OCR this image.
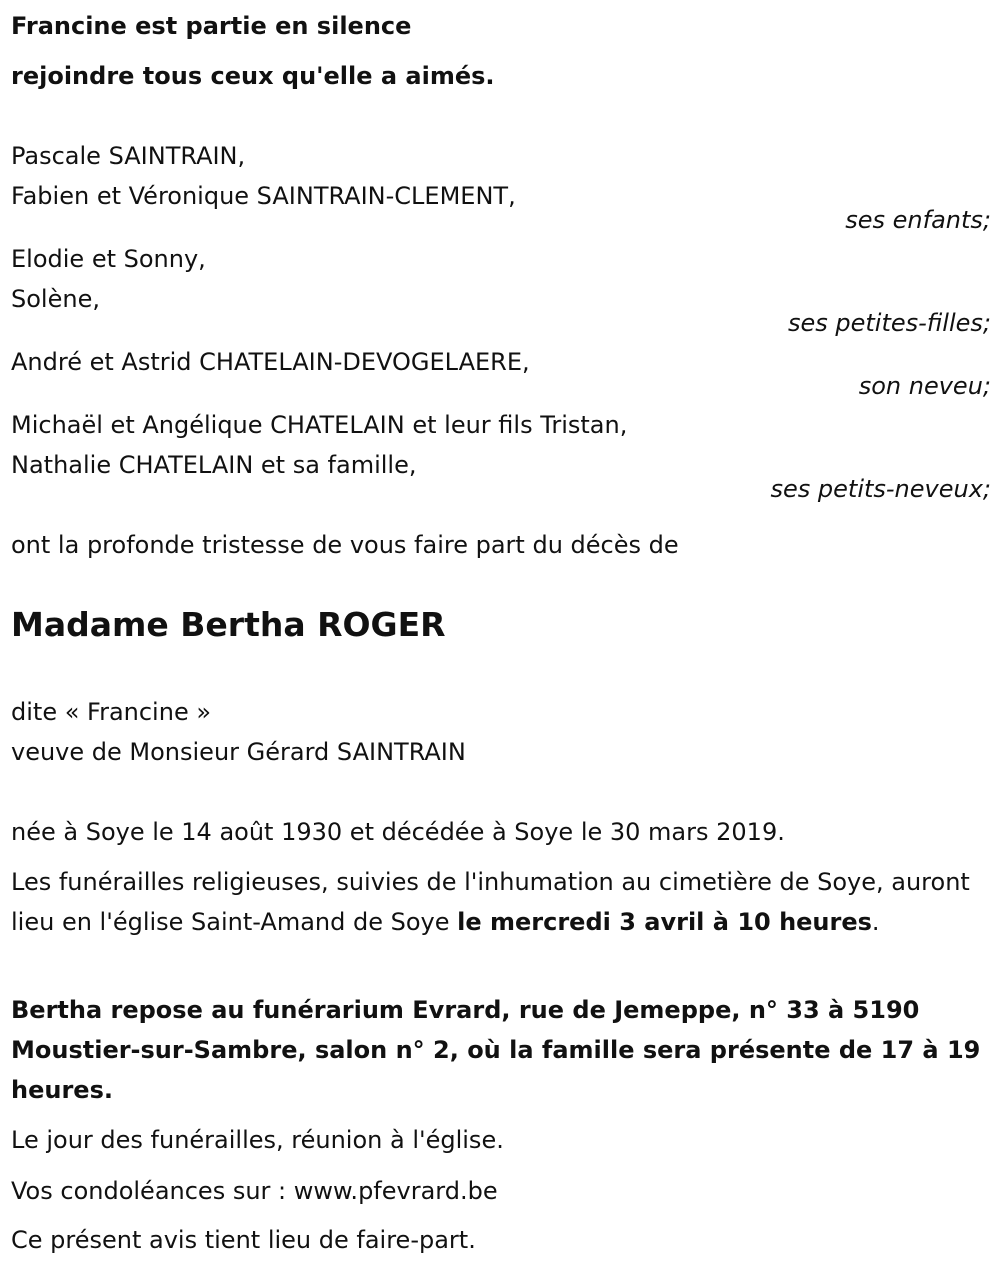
Francine est partie en silence
rejoindre tous ceux qu'elle a aimés.
Pascale SAINTRAIN,
Fabien et Véronique SAINTRAIN-CLEMENT,
ses enfants;
Elodie et Sonny,
Solène,
ses petites-filles;
André et Astrid CHATELAIN-DEVOGELAERE,
son neveu;
Michaël et Angélique CHATELAIN et leur fils Tristan,
Nathalie CHATELAIN et sa famille,
ses petits-neveux;
ont la profonde tristesse de vous faire part du décès de
Madame Bertha ROGER
dite « Francine »
veuve de Monsieur Gérard SAINTRAIN
née à Soye le 14 août 1930 et décédée à Soye le 30 mars 2019.
Les funérailles religieuses, suivies de l'inhumation au cimetière de Soye, auront lieu en l'église Saint-Amand de Soye le mercredi 3 avril à 10 heures.
Bertha repose au funérarium Evrard, rue de Jemeppe, n° 33 à 5190 Moustier-sur-Sambre, salon n° 2, où la famille sera présente de 17 à 19 heures.
Le jour des funérailles, réunion à l'église.
Vos condoléances sur : www.pfevrard.be
Ce présent avis tient lieu de faire-part.
